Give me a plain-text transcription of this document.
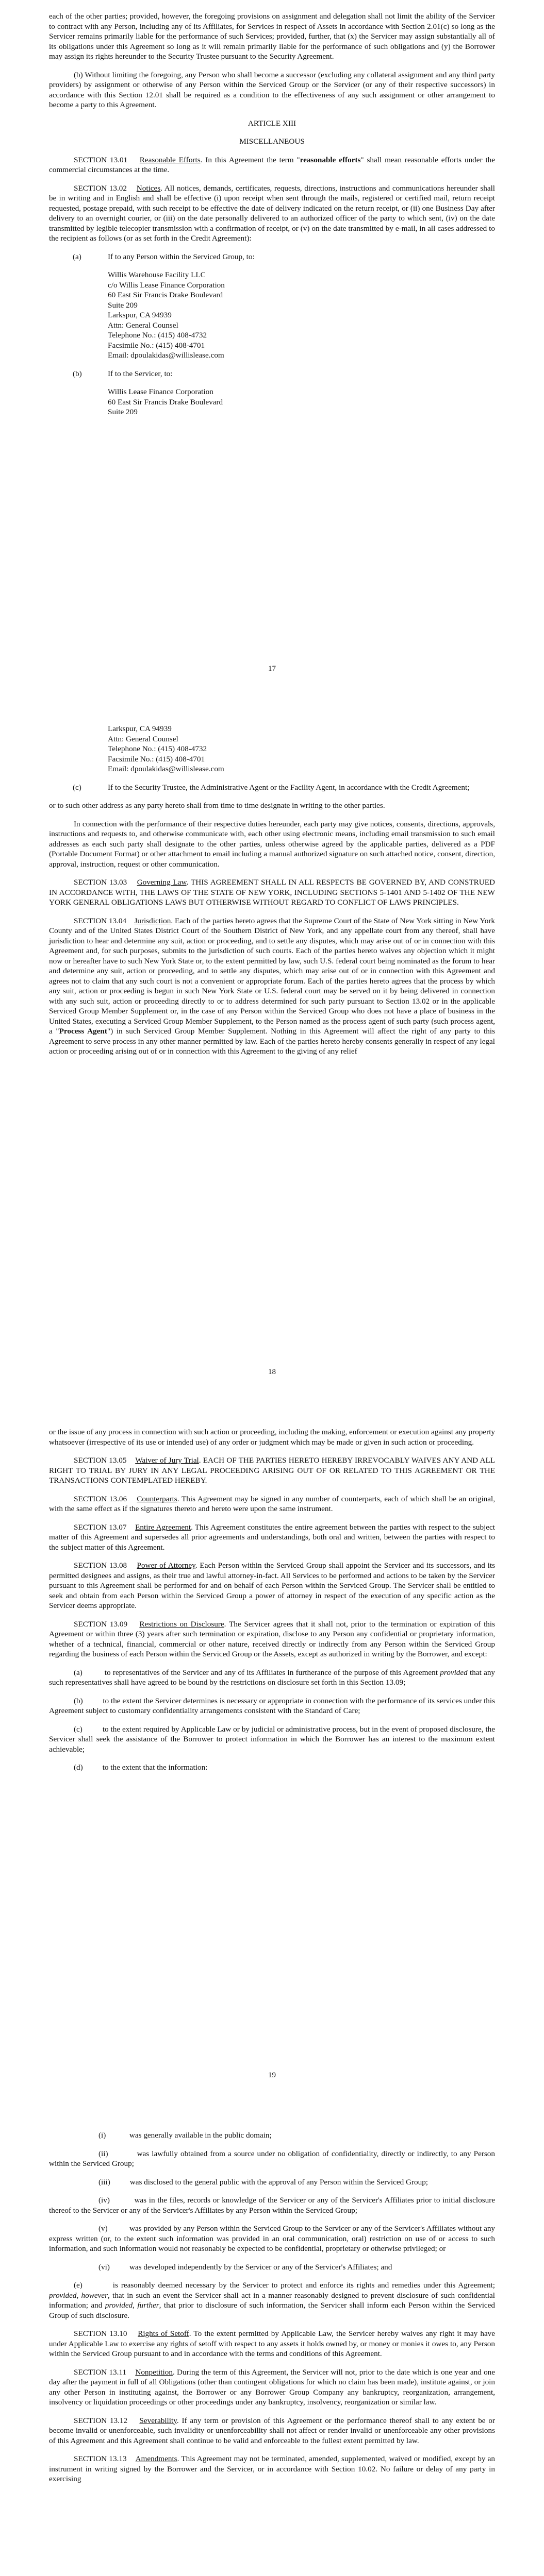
each of the other parties; provided, however, the foregoing provisions on assignment and delegation shall not limit the ability of the Servicer to contract with any Person, including any of its Affiliates, for Services in respect of Assets in accordance with Section 2.01(c) so long as the Servicer remains primarily liable for the performance of such Services; provided, further, that (x) the Servicer may assign substantially all of its obligations under this Agreement so long as it will remain primarily liable for the performance of such obligations and (y) the Borrower may assign its rights hereunder to the Security Trustee pursuant to the Security Agreement.

(b) Without limiting the foregoing, any Person who shall become a successor (excluding any collateral assignment and any third party providers) by assignment or otherwise of any Person within the Serviced Group or the Servicer (or any of their respective successors) in accordance with this Section 12.01 shall be required as a condition to the effectiveness of any such assignment or other arrangement to become a party to this Agreement.

ARTICLE XIII

MISCELLANEOUS

SECTION 13.01 Reasonable Efforts. In this Agreement the term "reasonable efforts" shall mean reasonable efforts under the commercial circumstances at the time.

SECTION 13.02 Notices. All notices, demands, certificates, requests, directions, instructions and communications hereunder shall be in writing and in English and shall be effective (i) upon receipt when sent through the mails, registered or certified mail, return receipt requested, postage prepaid, with such receipt to be effective the date of delivery indicated on the return receipt, or (ii) one Business Day after delivery to an overnight courier, or (iii) on the date personally delivered to an authorized officer of the party to which sent, (iv) on the date transmitted by legible telecopier transmission with a confirmation of receipt, or (v) on the date transmitted by e-mail, in all cases addressed to the recipient as follows (or as set forth in the Credit Agreement):

(a)	If to any Person within the Serviced Group, to:
Willis Warehouse Facility LLC
c/o Willis Lease Finance Corporation
60 East Sir Francis Drake Boulevard
Suite 209
Larkspur, CA 94939
Attn: General Counsel
Telephone No.: (415) 408-4732
Facsimile No.: (415) 408-4701
Email: dpoulakidas@willislease.com
(b)	If to the Servicer, to:
Willis Lease Finance Corporation
60 East Sir Francis Drake Boulevard
Suite 209
17
Larkspur, CA 94939
Attn: General Counsel
Telephone No.: (415) 408-4732
Facsimile No.: (415) 408-4701
Email: dpoulakidas@willislease.com
(c)	If to the Security Trustee, the Administrative Agent or the Facility Agent, in accordance with the Credit Agreement;

or to such other address as any party hereto shall from time to time designate in writing to the other parties.

In connection with the performance of their respective duties hereunder, each party may give notices, consents, directions, approvals, instructions and requests to, and otherwise communicate with, each other using electronic means, including email transmission to such email addresses as each such party shall designate to the other parties, unless otherwise agreed by the applicable parties, delivered as a PDF (Portable Document Format) or other attachment to email including a manual authorized signature on such attached notice, consent, direction, approval, instruction, request or other communication.

SECTION 13.03 Governing Law. THIS AGREEMENT SHALL IN ALL RESPECTS BE GOVERNED BY, AND CONSTRUED IN ACCORDANCE WITH, THE LAWS OF THE STATE OF NEW YORK, INCLUDING SECTIONS 5-1401 AND 5-1402 OF THE NEW YORK GENERAL OBLIGATIONS LAWS BUT OTHERWISE WITHOUT REGARD TO CONFLICT OF LAWS PRINCIPLES.

SECTION 13.04 Jurisdiction. Each of the parties hereto agrees that the Supreme Court of the State of New York sitting in New York County and of the United States District Court of the Southern District of New York, and any appellate court from any thereof, shall have jurisdiction to hear and determine any suit, action or proceeding, and to settle any disputes, which may arise out of or in connection with this Agreement and, for such purposes, submits to the jurisdiction of such courts. Each of the parties hereto waives any objection which it might now or hereafter have to such New York State or, to the extent permitted by law, such U.S. federal court being nominated as the forum to hear and determine any suit, action or proceeding, and to settle any disputes, which may arise out of or in connection with this Agreement and agrees not to claim that any such court is not a convenient or appropriate forum. Each of the parties hereto agrees that the process by which any suit, action or proceeding is begun in such New York State or U.S. federal court may be served on it by being delivered in connection with any such suit, action or proceeding directly to or to address determined for such party pursuant to Section 13.02 or in the applicable Serviced Group Member Supplement or, in the case of any Person within the Serviced Group who does not have a place of business in the United States, executing a Serviced Group Member Supplement, to the Person named as the process agent of such party (such process agent, a "Process Agent") in such Serviced Group Member Supplement. Nothing in this Agreement will affect the right of any party to this Agreement to serve process in any other manner permitted by law. Each of the parties hereto hereby consents generally in respect of any legal action or proceeding arising out of or in connection with this Agreement to the giving of any relief

18

or the issue of any process in connection with such action or proceeding, including the making, enforcement or execution against any property whatsoever (irrespective of its use or intended use) of any order or judgment which may be made or given in such action or proceeding.

SECTION 13.05 Waiver of Jury Trial. EACH OF THE PARTIES HERETO HEREBY IRREVOCABLY WAIVES ANY AND ALL RIGHT TO TRIAL BY JURY IN ANY LEGAL PROCEEDING ARISING OUT OF OR RELATED TO THIS AGREEMENT OR THE TRANSACTIONS CONTEMPLATED HEREBY.

SECTION 13.06 Counterparts. This Agreement may be signed in any number of counterparts, each of which shall be an original, with the same effect as if the signatures thereto and hereto were upon the same instrument.

SECTION 13.07 Entire Agreement. This Agreement constitutes the entire agreement between the parties with respect to the subject matter of this Agreement and supersedes all prior agreements and understandings, both oral and written, between the parties with respect to the subject matter of this Agreement.

SECTION 13.08 Power of Attorney. Each Person within the Serviced Group shall appoint the Servicer and its successors, and its permitted designees and assigns, as their true and lawful attorney-in-fact. All Services to be performed and actions to be taken by the Servicer pursuant to this Agreement shall be performed for and on behalf of each Person within the Serviced Group. The Servicer shall be entitled to seek and obtain from each Person within the Serviced Group a power of attorney in respect of the execution of any specific action as the Servicer deems appropriate.

SECTION 13.09 Restrictions on Disclosure. The Servicer agrees that it shall not, prior to the termination or expiration of this Agreement or within three (3) years after such termination or expiration, disclose to any Person any confidential or proprietary information, whether of a technical, financial, commercial or other nature, received directly or indirectly from any Person within the Serviced Group regarding the business of each Person within the Serviced Group or the Assets, except as authorized in writing by the Borrower, and except:

(a)	to representatives of the Servicer and any of its Affiliates in furtherance of the purpose of this Agreement provided that any such representatives shall have agreed to be bound by the restrictions on disclosure set forth in this Section 13.09;

(b)	to the extent the Servicer determines is necessary or appropriate in connection with the performance of its services under this Agreement subject to customary confidentiality arrangements consistent with the Standard of Care;

(c)	to the extent required by Applicable Law or by judicial or administrative process, but in the event of proposed disclosure, the Servicer shall seek the assistance of the Borrower to protect information in which the Borrower has an interest to the maximum extent achievable;

(d) to the extent that the information:

19

(i)	was generally available in the public domain;

(ii)	was lawfully obtained from a source under no obligation of confidentiality, directly or indirectly, to any Person within the Serviced Group;

(iii) was disclosed to the general public with the approval of any Person within the Serviced Group;

(iv)	was in the files, records or knowledge of the Servicer or any of the Servicer's Affiliates prior to initial disclosure thereof to the Servicer or any of the Servicer's Affiliates by any Person within the Serviced Group;

(v)	was provided by any Person within the Serviced Group to the Servicer or any of the Servicer's Affiliates without any express written (or, to the extent such information was provided in an oral communication, oral) restriction on use of or access to such information, and such information would not reasonably be expected to be confidential, proprietary or otherwise privileged; or

(vi) was developed independently by the Servicer or any of the Servicer's Affiliates; and

(e)	is reasonably deemed necessary by the Servicer to protect and enforce its rights and remedies under this Agreement; provided, however, that in such an event the Servicer shall act in a manner reasonably designed to prevent disclosure of such confidential information; and provided, further, that prior to disclosure of such information, the Servicer shall inform each Person within the Serviced Group of such disclosure.

SECTION 13.10 Rights of Setoff. To the extent permitted by Applicable Law, the Servicer hereby waives any right it may have under Applicable Law to exercise any rights of setoff with respect to any assets it holds owned by, or money or monies it owes to, any Person within the Serviced Group pursuant to and in accordance with the terms and conditions of this Agreement.

SECTION 13.11 Nonpetition. During the term of this Agreement, the Servicer will not, prior to the date which is one year and one day after the payment in full of all Obligations (other than contingent obligations for which no claim has been made), institute against, or join any other Person in instituting against, the Borrower or any Borrower Group Company any bankruptcy, reorganization, arrangement, insolvency or liquidation proceedings or other proceedings under any bankruptcy, insolvency, reorganization or similar law.

SECTION 13.12 Severability. If any term or provision of this Agreement or the performance thereof shall to any extent be or become invalid or unenforceable, such invalidity or unenforceability shall not affect or render invalid or unenforceable any other provisions of this Agreement and this Agreement shall continue to be valid and enforceable to the fullest extent permitted by law.

SECTION 13.13 Amendments. This Agreement may not be terminated, amended, supplemented, waived or modified, except by an instrument in writing signed by the Borrower and the Servicer, or in accordance with Section 10.02. No failure or delay of any party in exercising
